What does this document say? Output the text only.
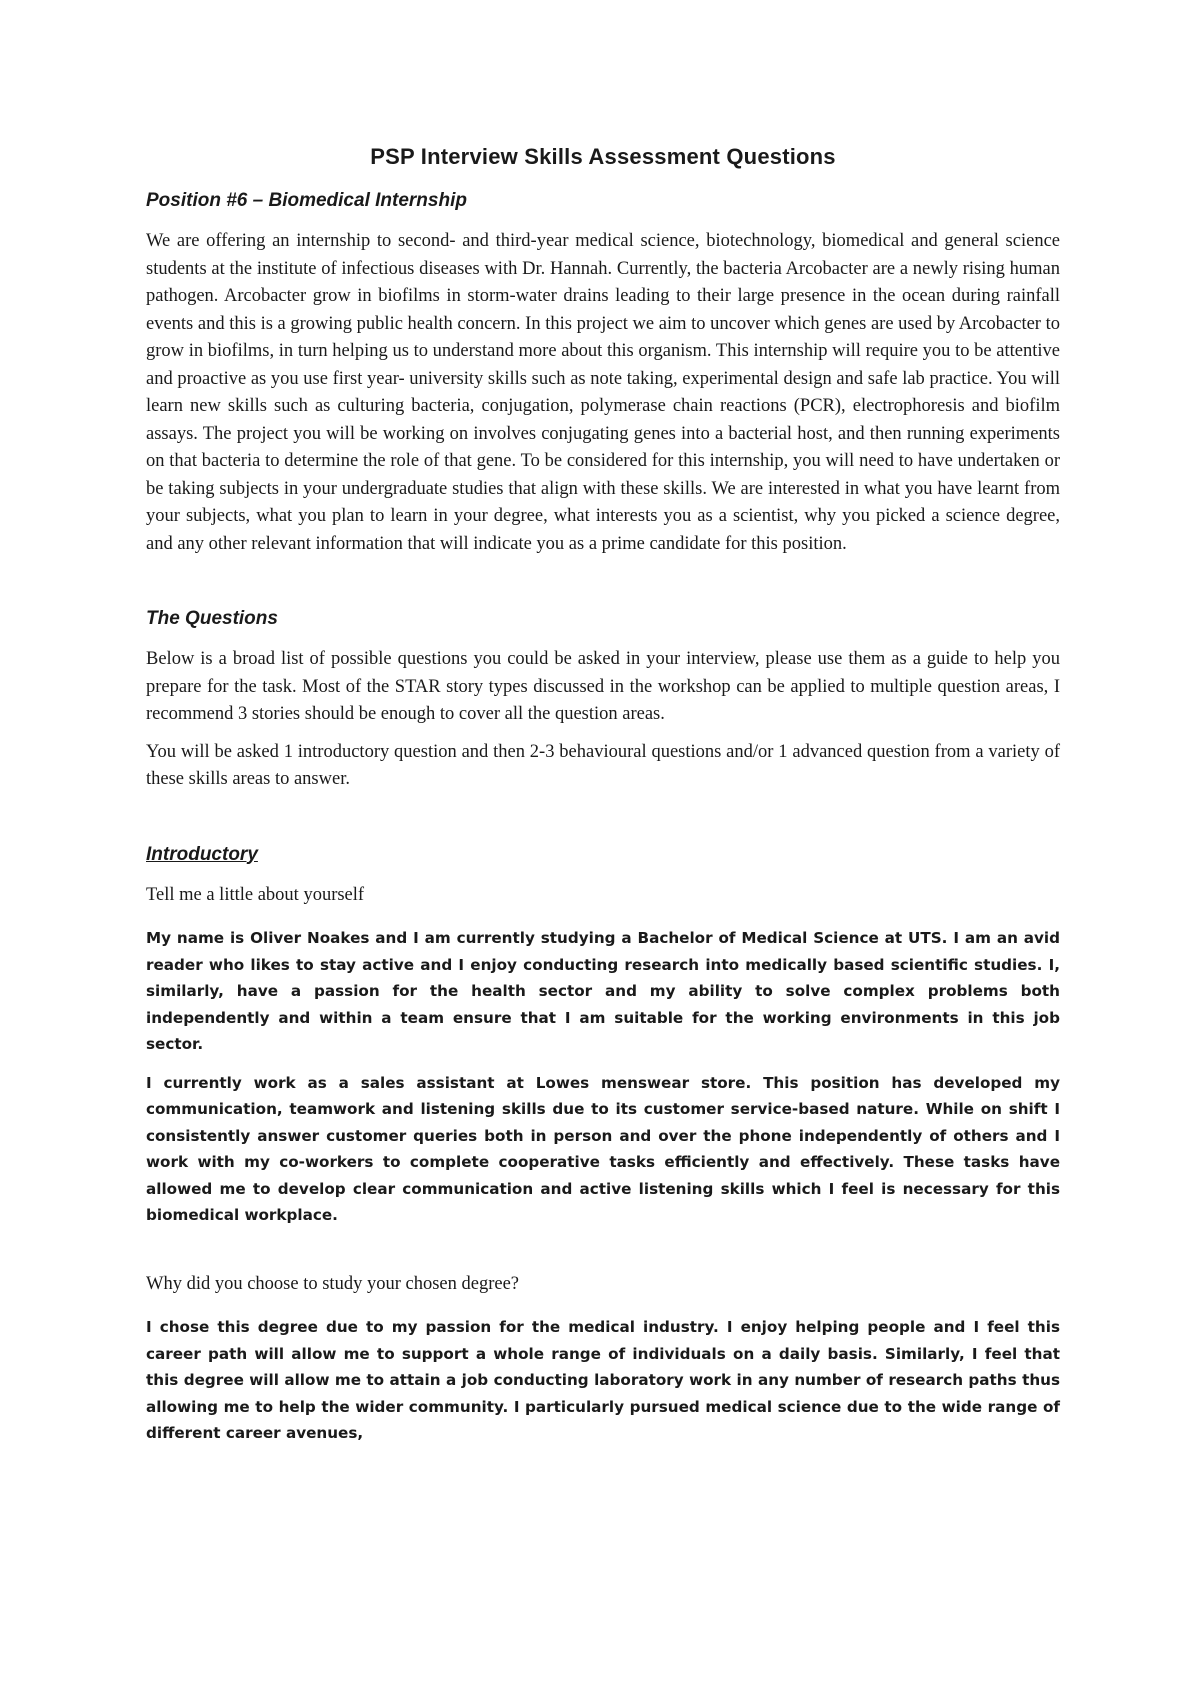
PSP Interview Skills Assessment Questions
Position #6 – Biomedical Internship

We are offering an internship to second- and third-year medical science, biotechnology, biomedical and general science students at the institute of infectious diseases with Dr. Hannah. Currently, the bacteria Arcobacter are a newly rising human pathogen. Arcobacter grow in biofilms in storm-water drains leading to their large presence in the ocean during rainfall events and this is a growing public health concern. In this project we aim to uncover which genes are used by Arcobacter to grow in biofilms, in turn helping us to understand more about this organism. This internship will require you to be attentive and proactive as you use first year- university skills such as note taking, experimental design and safe lab practice. You will learn new skills such as culturing bacteria, conjugation, polymerase chain reactions (PCR), electrophoresis and biofilm assays. The project you will be working on involves conjugating genes into a bacterial host, and then running experiments on that bacteria to determine the role of that gene. To be considered for this internship, you will need to have undertaken or be taking subjects in your undergraduate studies that align with these skills. We are interested in what you have learnt from your subjects, what you plan to learn in your degree, what interests you as a scientist, why you picked a science degree, and any other relevant information that will indicate you as a prime candidate for this position.

The Questions

Below is a broad list of possible questions you could be asked in your interview, please use them as a guide to help you prepare for the task. Most of the STAR story types discussed in the workshop can be applied to multiple question areas, I recommend 3 stories should be enough to cover all the question areas.

You will be asked 1 introductory question and then 2-3 behavioural questions and/or 1 advanced question from a variety of these skills areas to answer.

Introductory

Tell me a little about yourself

My name is Oliver Noakes and I am currently studying a Bachelor of Medical Science at UTS. I am an avid reader who likes to stay active and I enjoy conducting research into medically based scientific studies. I, similarly, have a passion for the health sector and my ability to solve complex problems both independently and within a team ensure that I am suitable for the working environments in this job sector.

I currently work as a sales assistant at Lowes menswear store. This position has developed my communication, teamwork and listening skills due to its customer service-based nature. While on shift I consistently answer customer queries both in person and over the phone independently of others and I work with my co-workers to complete cooperative tasks efficiently and effectively. These tasks have allowed me to develop clear communication and active listening skills which I feel is necessary for this biomedical workplace.

Why did you choose to study your chosen degree?

I chose this degree due to my passion for the medical industry. I enjoy helping people and I feel this career path will allow me to support a whole range of individuals on a daily basis. Similarly, I feel that this degree will allow me to attain a job conducting laboratory work in any number of research paths thus allowing me to help the wider community. I particularly pursued medical science due to the wide range of different career avenues,
